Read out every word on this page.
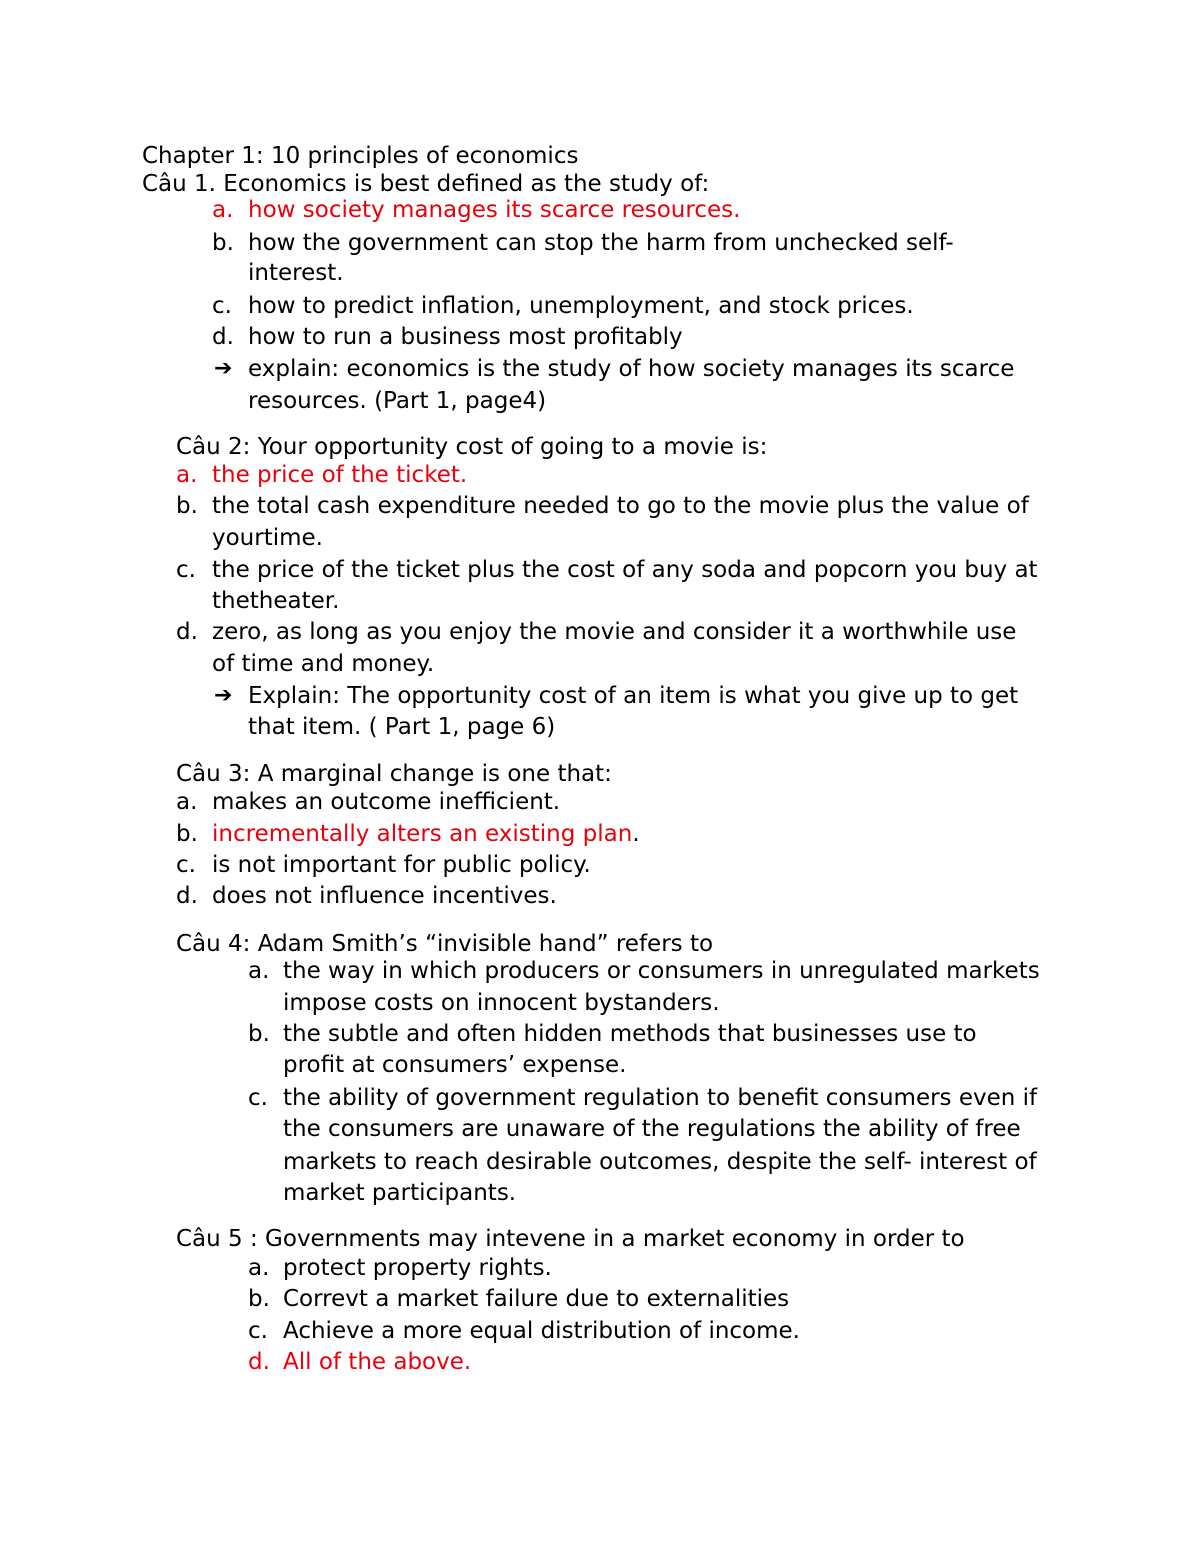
Chapter 1: 10 principles of economics
Câu 1. Economics is best defined as the study of:
a. how society manages its scarce resources.
b. how the government can stop the harm from unchecked self-
interest.
c. how to predict inflation, unemployment, and stock prices.
d. how to run a business most profitably
➔ explain: economics is the study of how society manages its scarce
resources. (Part 1, page4)
Câu 2: Your opportunity cost of going to a movie is:
a. the price of the ticket.
b. the total cash expenditure needed to go to the movie plus the value of
yourtime.
c. the price of the ticket plus the cost of any soda and popcorn you buy at
thetheater.
d. zero, as long as you enjoy the movie and consider it a worthwhile use
of time and money.
➔ Explain: The opportunity cost of an item is what you give up to get
that item. ( Part 1, page 6)
Câu 3: A marginal change is one that:
a. makes an outcome inefficient.
b. incrementally alters an existing plan.
c. is not important for public policy.
d. does not influence incentives.
Câu 4: Adam Smith’s “invisible hand” refers to
a. the way in which producers or consumers in unregulated markets
impose costs on innocent bystanders.
b. the subtle and often hidden methods that businesses use to
profit at consumers’ expense.
c. the ability of government regulation to benefit consumers even if
the consumers are unaware of the regulations the ability of free
markets to reach desirable outcomes, despite the self- interest of
market participants.
Câu 5 : Governments may intevene in a market economy in order to
a. protect property rights.
b. Correvt a market failure due to externalities
c. Achieve a more equal distribution of income.
d. All of the above.
